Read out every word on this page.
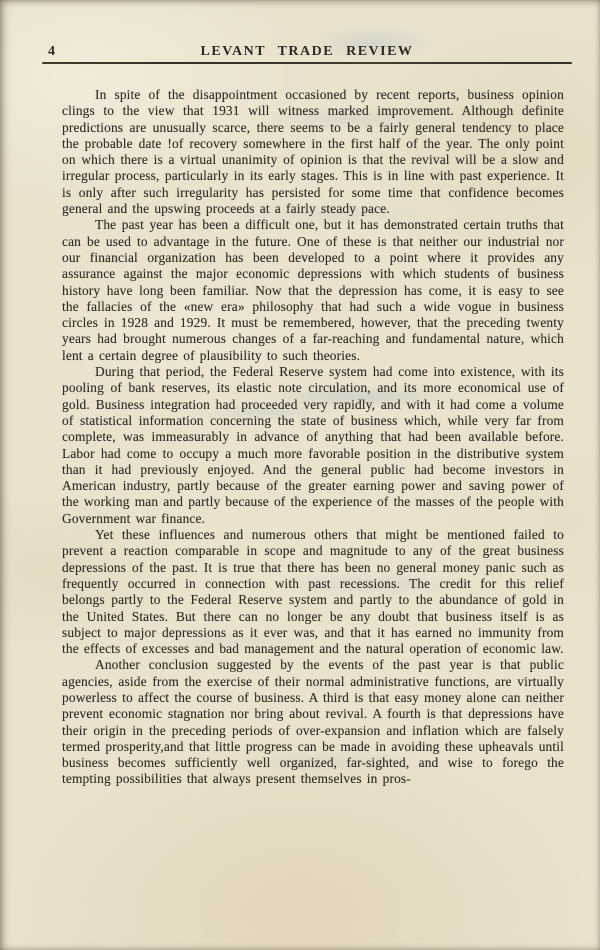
4	LEVANT TRADE REVIEW

In spite of the disappointment occasioned by recent reports, business opinion clings to the view that 1931 will witness marked improvement. Although definite predictions are unusually scarce, there seems to be a fairly general tendency to place the probable date !of recovery somewhere in the first half of the year. The only point on which there is a virtual unanimity of opinion is that the revival will be a slow and irregular process, particularly in its early stages. This is in line with past experience. It is only after such irregularity has persisted for some time that confidence becomes general and the upswing proceeds at a fairly steady pace.

The past year has been a difficult one, but it has demonstrated certain truths that can be used to advantage in the future. One of these is that neither our industrial nor our financial organization has been developed to a point where it provides any assurance against the major economic depressions with which students of business history have long been familiar. Now that the depression has come, it is easy to see the fallacies of the «new era» philosophy that had such a wide vogue in business circles in 1928 and 1929. It must be remembered, however, that the preceding twenty years had brought numerous changes of a far-reaching and fundamental nature, which lent a certain degree of plausibility to such theories.

During that period, the Federal Reserve system had come into existence, with its pooling of bank reserves, its elastic note circulation, and its more economical use of gold. Business integration had proceeded very rapidly, and with it had come a volume of statistical information concerning the state of business which, while very far from complete, was immeasurably in advance of anything that had been available before. Labor had come to occupy a much more favorable position in the distributive system than it had previously enjoyed. And the general public had become investors in American industry, partly because of the greater earning power and saving power of the working man and partly because of the experience of the masses of the people with Government war finance.

Yet these influences and numerous others that might be mentioned failed to prevent a reaction comparable in scope and magnitude to any of the great business depressions of the past. It is true that there has been no general money panic such as frequently occurred in connection with past recessions. The credit for this relief belongs partly to the Federal Reserve system and partly to the abundance of gold in the United States. But there can no longer be any doubt that business itself is as subject to major depressions as it ever was, and that it has earned no immunity from the effects of excesses and bad management and the natural operation of economic law.

Another conclusion suggested by the events of the past year is that public agencies, aside from the exercise of their normal administrative functions, are virtually powerless to affect the course of business. A third is that easy money alone can neither prevent economic stagnation nor bring about revival. A fourth is that depressions have their origin in the preceding periods of over-expansion and inflation which are falsely termed prosperity,and that little progress can be made in avoiding these upheavals until business becomes sufficiently well organized, far-sighted, and wise to forego the tempting possibilities that always present themselves in pros-
